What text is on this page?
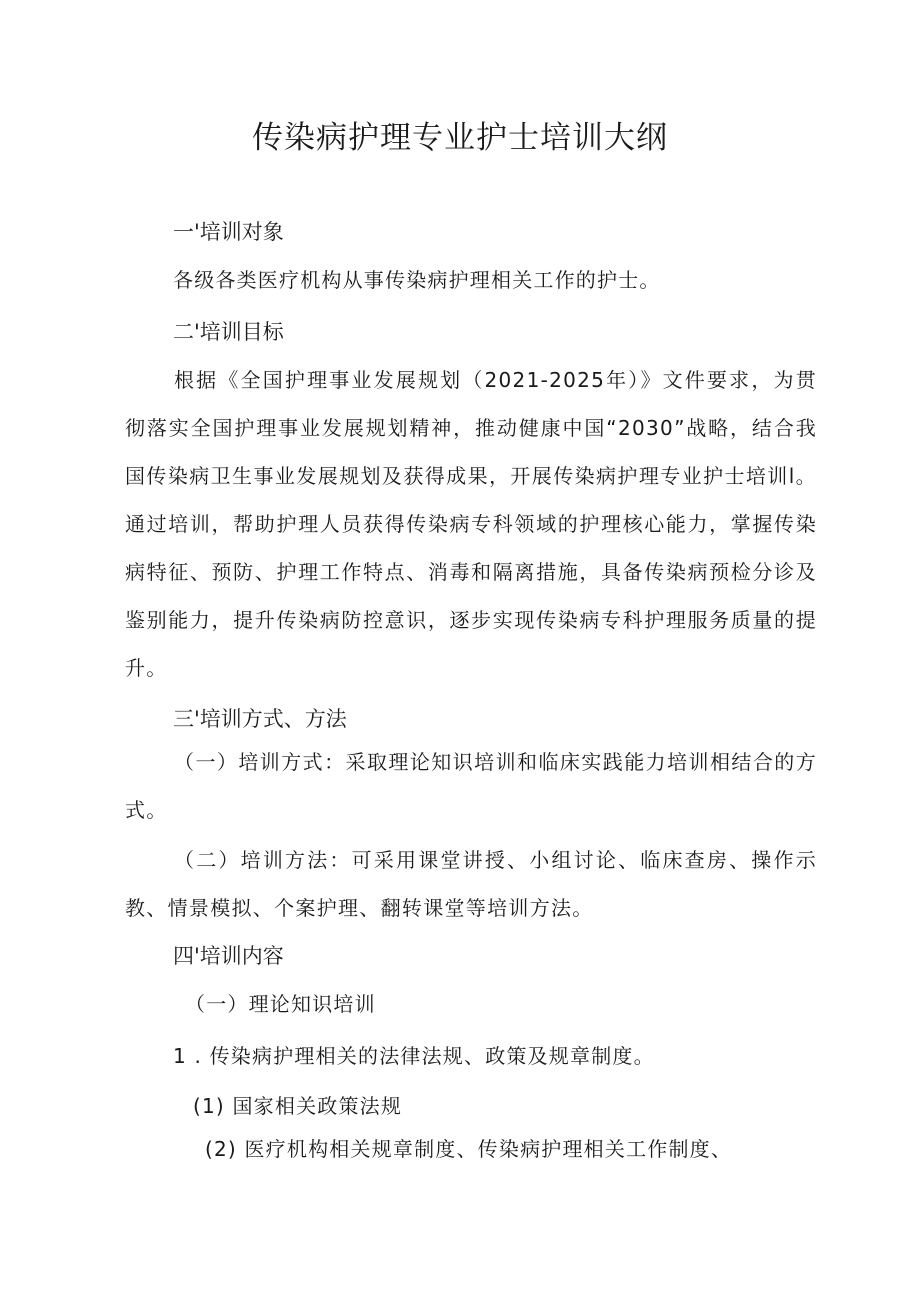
传染病护理专业护士培训大纲
一'培训对象
各级各类医疗机构从事传染病护理相关工作的护士。
二'培训目标
根据《全国护理事业发展规划（2021-2025年）》文件要求，为贯彻落实全国护理事业发展规划精神，推动健康中国“2030”战略，结合我国传染病卫生事业发展规划及获得成果，开展传染病护理专业护士培训l。通过培训，帮助护理人员获得传染病专科领域的护理核心能力，掌握传染病特征、预防、护理工作特点、消毒和隔离措施，具备传染病预检分诊及鉴别能力，提升传染病防控意识，逐步实现传染病专科护理服务质量的提升。
三'培训方式、方法
（一）培训方式：采取理论知识培训和临床实践能力培训相结合的方式。
（二）培训方法：可采用课堂讲授、小组讨论、临床查房、操作示教、情景模拟、个案护理、翻转课堂等培训方法。
四'培训内容
（一）理论知识培训
1 . 传染病护理相关的法律法规、政策及规章制度。
(1) 国家相关政策法规
(2) 医疗机构相关规章制度、传染病护理相关工作制度、
